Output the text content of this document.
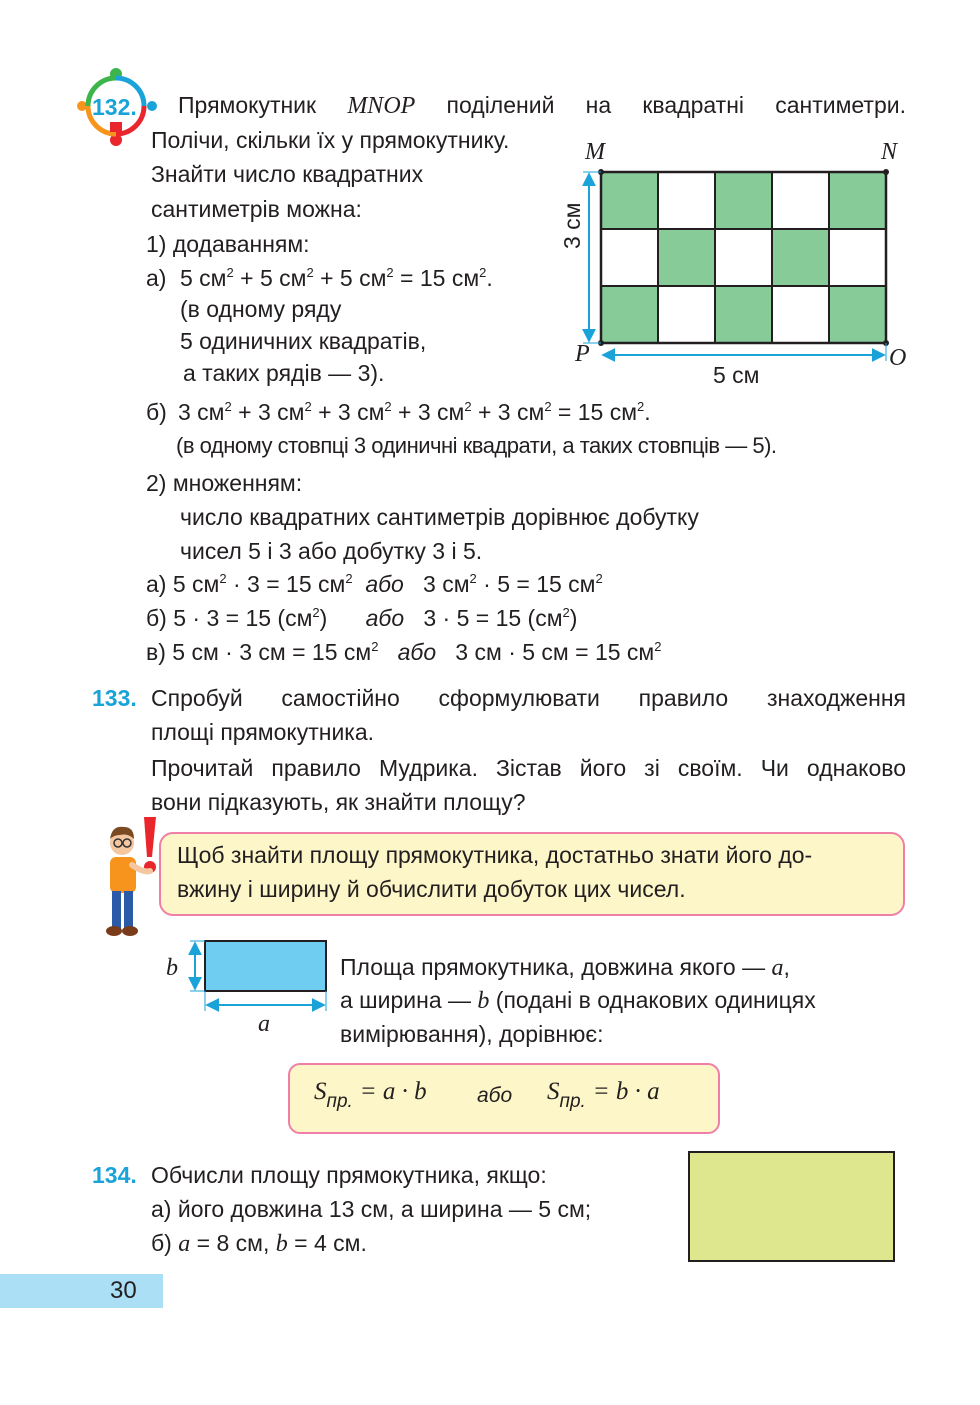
132. Прямокутник MNOP поділений на квадратні сантиметри.
Полічи, скільки їх у прямокутнику.
Знайти число квадратних
сантиметрів можна:
1) додаванням:
а) 5 $см^2 + 5$ $см^2 + 5$ $см^2 = 15$ $см^2$.
(в одному ряду
5 одиничних квадратів,
а таких рядів — 3).
б) 3 $см^2 + 3$ $см^2 + 3$ $см^2 + 3$ $см^2 + 3$ $см^2 = 15$ $см^2$.
(в одному стовпці 3 одиничні квадрати, а таких стовпців — 5).
2) множенням:
число квадратних сантиметрів дорівнює добутку
чисел 5 і 3 або добутку 3 і 5.
а) 5 $см^2 \cdot 3 = 15$ $см^2$ або   3 $см^2 \cdot 5 = 15$ $см^2$
б) 5 · 3 = 15 $(см^2)$      або   3 · 5 = 15 $(см^2)$
в) 5 см · 3 см = 15 $см^2$ або   3 см · 5 см = 15 $см^2$
M	N
P	O
3 см
5 см
133. Спробуй самостійно сформулювати правило знаходження
площі прямокутника.
Прочитай правило Мудрика. Зістав його зі своїм. Чи однаково
вони підказують, як знайти площу?
Щоб знайти площу прямокутника, достатньо знати його до-
вжину і ширину й обчислити добуток цих чисел.
b
a
Площа прямокутника, довжина якого — a,
а ширина — b (подані в однакових одиницях
вимірювання), дорівнює:
$S_{пр.} = a \cdot b$ або $S_{пр.} = b \cdot a$
134. Обчисли площу прямокутника, якщо:
а) його довжина 13 см, а ширина — 5 см;
б) a = 8 см, b = 4 см.
30
